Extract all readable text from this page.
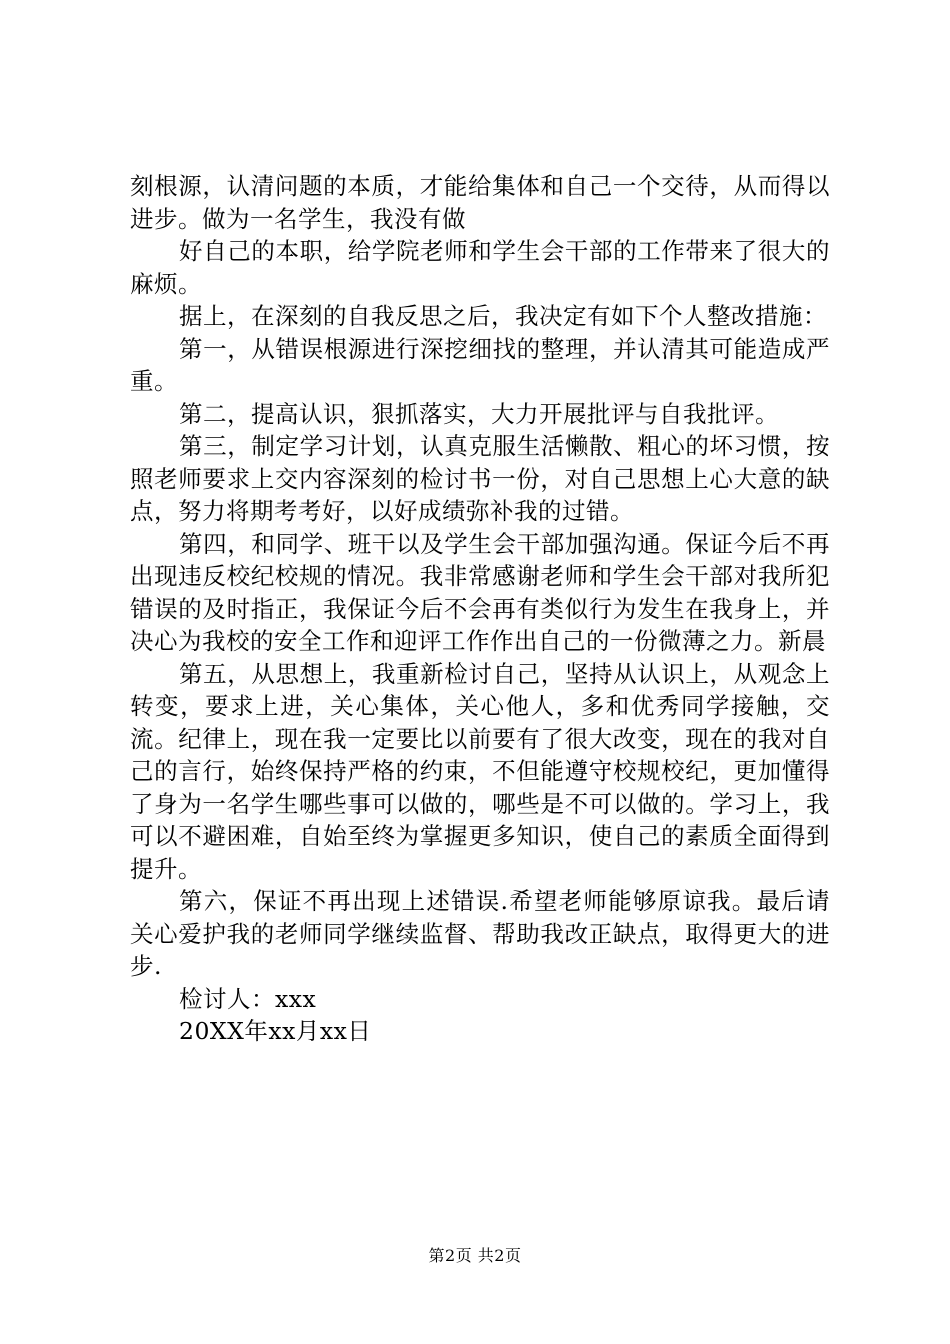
刻根源，认清问题的本质，才能给集体和自己一个交待，从而得以进步。做为一名学生，我没有做

好自己的本职，给学院老师和学生会干部的工作带来了很大的麻烦。

据上，在深刻的自我反思之后，我决定有如下个人整改措施：

第一，从错误根源进行深挖细找的整理，并认清其可能造成严重。

第二，提高认识，狠抓落实，大力开展批评与自我批评。

第三，制定学习计划，认真克服生活懒散、粗心的坏习惯，按照老师要求上交内容深刻的检讨书一份，对自己思想上心大意的缺点，努力将期考考好，以好成绩弥补我的过错。

第四，和同学、班干以及学生会干部加强沟通。保证今后不再出现违反校纪校规的情况。我非常感谢老师和学生会干部对我所犯错误的及时指正，我保证今后不会再有类似行为发生在我身上，并决心为我校的安全工作和迎评工作作出自己的一份微薄之力。新晨

第五，从思想上，我重新检讨自己，坚持从认识上，从观念上转变，要求上进，关心集体，关心他人，多和优秀同学接触，交流。纪律上，现在我一定要比以前要有了很大改变，现在的我对自己的言行，始终保持严格的约束，不但能遵守校规校纪，更加懂得了身为一名学生哪些事可以做的，哪些是不可以做的。学习上，我可以不避困难，自始至终为掌握更多知识，使自己的素质全面得到提升。

第六，保证不再出现上述错误.希望老师能够原谅我。最后请关心爱护我的老师同学继续监督、帮助我改正缺点，取得更大的进步.

检讨人：xxx

20XX年xx月xx日

第2页 共2页
